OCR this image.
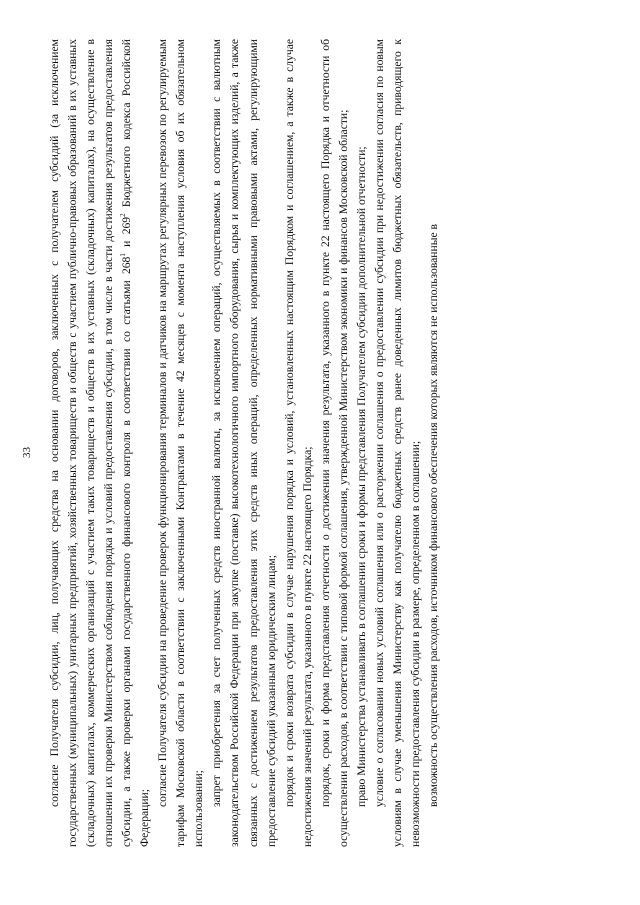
33 согласие Получателя субсидии, лиц, получающих средства на основании договоров, заключенных с получателем субсидий (за исключением государственных (муниципальных) унитарных предприятий, хозяйственных товариществ и обществ с участием публично-правовых образований в их уставных (складочных) капиталах, коммерческих организаций с участием таких товариществ и обществ в их уставных (складочных) капиталах), на осуществление в отношении их проверки Министерством соблюдения порядка и условий предоставления субсидии, в том числе в части достижения результатов предоставления субсидии, а также проверки органами государственного финансового контроля в соответствии со статьями $268^1$ и $269^2$ Бюджетного кодекса Российской Федерации;

согласие Получателя субсидии на проведение проверок функционирования терминалов и датчиков на маршрутах регулярных перевозок по регулируемым тарифам Московской области в соответствии с заключенными Контрактами в течение 42 месяцев с момента наступления условия об их обязательном использовании;

запрет приобретения за счет полученных средств иностранной валюты, за исключением операций, осуществляемых в соответствии с валютным законодательством Российской Федерации при закупке (поставке) высокотехнологичного импортного оборудования, сырья и комплектующих изделий, а также связанных с достижением результатов предоставления этих средств иных операций, определенных нормативными правовыми актами, регулирующими предоставление субсидий указанным юридическим лицам; порядок и сроки возврата субсидии в случае нарушения порядка и условий, установленных настоящим Порядком и соглашением, а также в случае недостижения значений результата, указанного в пункте 22 настоящего Порядка; порядок, сроки и форма представления отчетности о достижении значения результата, указанного в пункте 22 настоящего Порядка и отчетности об осуществлении расходов, в соответствии с типовой формой соглашения, утвержденной Министерством экономики и финансов Московской области; право Министерства устанавливать в соглашении сроки и формы представления Получателем субсидии дополнительной отчетности; условие о согласовании новых условий соглашения или о расторжении соглашения о предоставлении субсидии при недостижении согласия по новым условиям в случае уменьшения Министерству как получателю бюджетных средств ранее доведенных лимитов бюджетных обязательств, приводящего к невозможности предоставления субсидии в размере, определенном в соглашении; возможность осуществления расходов, источником финансового обеспечения которых являются не использованные в
